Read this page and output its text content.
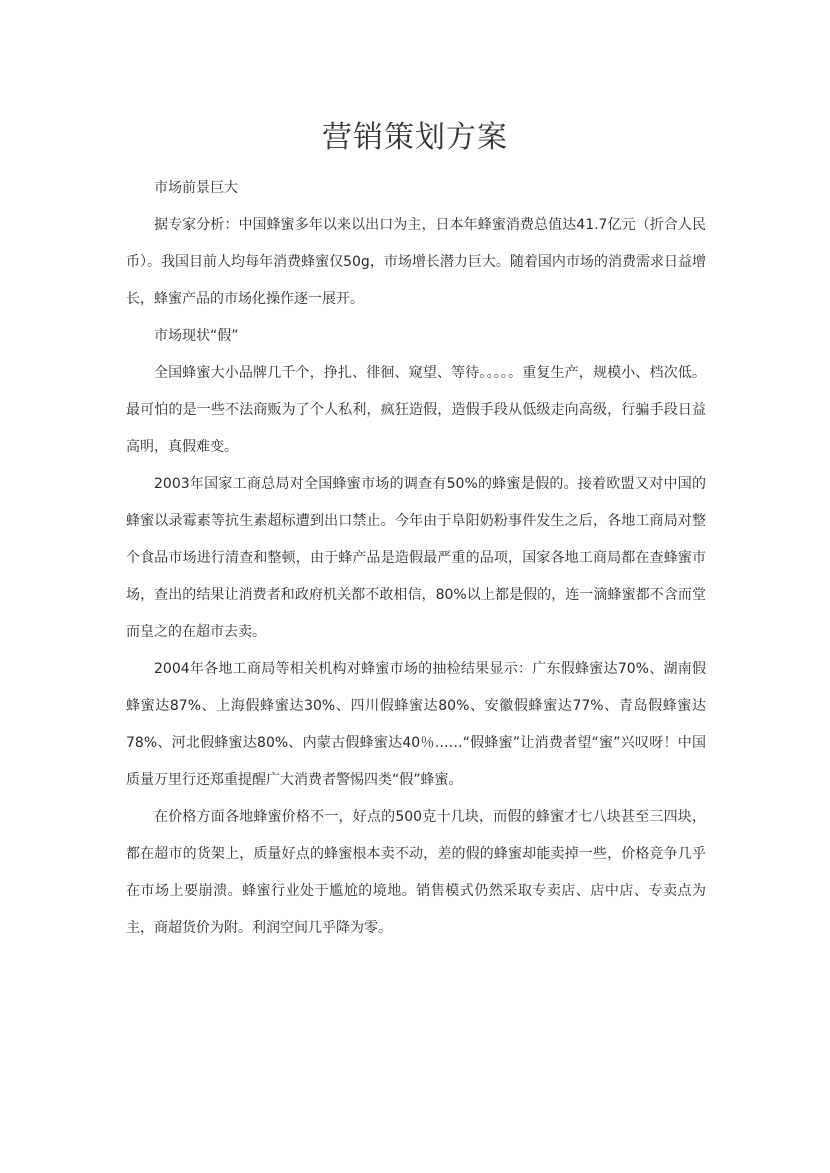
营销策划方案

市场前景巨大

据专家分析：中国蜂蜜多年以来以出口为主，日本年蜂蜜消费总值达41.7亿元（折合人民币）。我国目前人均每年消费蜂蜜仅50g，市场增长潜力巨大。随着国内市场的消费需求日益增长，蜂蜜产品的市场化操作逐一展开。

市场现状“假”

全国蜂蜜大小品牌几千个，挣扎、徘徊、窥望、等待。。。。。重复生产，规模小、档次低。最可怕的是一些不法商贩为了个人私利，疯狂造假，造假手段从低级走向高级，行骗手段日益高明，真假难变。

2003年国家工商总局对全国蜂蜜市场的调查有50%的蜂蜜是假的。接着欧盟又对中国的蜂蜜以录霉素等抗生素超标遭到出口禁止。今年由于阜阳奶粉事件发生之后，各地工商局对整个食品市场进行清查和整顿，由于蜂产品是造假最严重的品项，国家各地工商局都在查蜂蜜市场，查出的结果让消费者和政府机关都不敢相信，80%以上都是假的，连一滴蜂蜜都不含而堂而皇之的在超市去卖。

2004年各地工商局等相关机构对蜂蜜市场的抽检结果显示：广东假蜂蜜达70%、湖南假蜂蜜达87%、上海假蜂蜜达30%、四川假蜂蜜达80%、安徽假蜂蜜达77%、青岛假蜂蜜达78%、河北假蜂蜜达80%、内蒙古假蜂蜜达40％……“假蜂蜜”让消费者望“蜜”兴叹呀！中国质量万里行还郑重提醒广大消费者警惕四类“假”蜂蜜。

在价格方面各地蜂蜜价格不一，好点的500克十几块，而假的蜂蜜才七八块甚至三四块，都在超市的货架上，质量好点的蜂蜜根本卖不动，差的假的蜂蜜却能卖掉一些，价格竞争几乎在市场上要崩溃。蜂蜜行业处于尴尬的境地。销售模式仍然采取专卖店、店中店、专卖点为主，商超货价为附。利润空间几乎降为零。
